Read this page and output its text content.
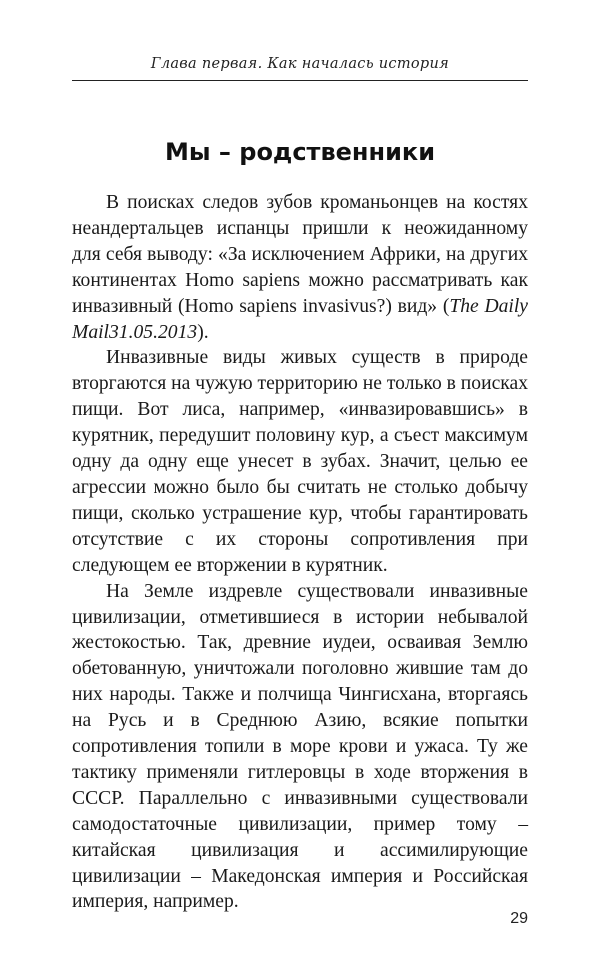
Глава первая. Как началась история
Мы – родственники

В поисках следов зубов кроманьонцев на костях неандертальцев испанцы пришли к неожиданному для себя выводу: «За исключением Африки, на других континентах Homo sapiens можно рассматривать как инвазивный (Homo sapiens invasivus?) вид» (The Daily Mail31.05.2013).

Инвазивные виды живых существ в природе вторгаются на чужую территорию не только в поисках пищи. Вот лиса, например, «инвазировавшись» в курятник, передушит половину кур, а съест максимум одну да одну еще унесет в зубах. Значит, целью ее агрессии можно было бы считать не столько добычу пищи, сколько устрашение кур, чтобы гарантировать отсутствие с их стороны сопротивления при следующем ее вторжении в курятник.

На Земле издревле существовали инвазивные цивилизации, отметившиеся в истории небывалой жестокостью. Так, древние иудеи, осваивая Землю обетованную, уничтожали поголовно жившие там до них народы. Также и полчища Чингисхана, вторгаясь на Русь и в Среднюю Азию, всякие попытки сопротивления топили в море крови и ужаса. Ту же тактику применяли гитлеровцы в ходе вторжения в СССР. Параллельно с инвазивными существовали самодостаточные цивилизации, пример тому – китайская цивилизация и ассимилирующие цивилизации – Македонская империя и Российская империя, например.

29
